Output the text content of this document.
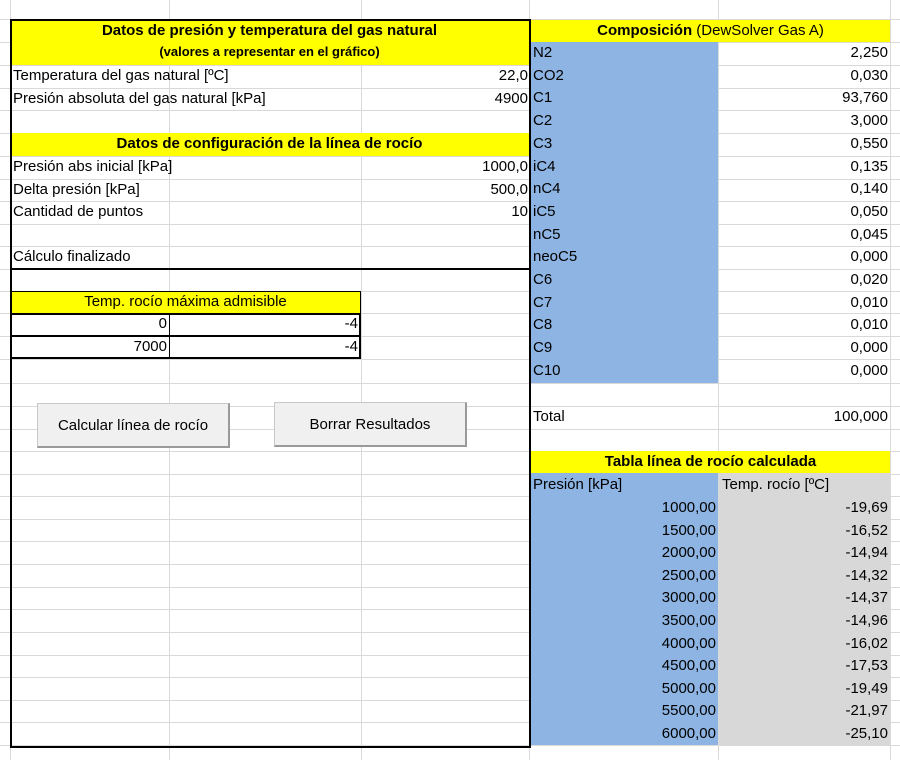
Datos de presión y temperatura del gas natural
(valores a representar en el gráfico)
Temperatura del gas natural [ºC]	22,0
Presión absoluta del gas natural [kPa]	4900
Datos de configuración de la línea de rocío
Presión abs inicial [kPa]	1000,0
Delta presión [kPa]	500,0
Cantidad de puntos	10
Cálculo finalizado
Temp. rocío máxima admisible
0	-4
7000	-4
Calcular línea de rocío	Borrar Resultados
Composición (DewSolver Gas A)
N2	2,250
CO2	0,030
C1	93,760
C2	3,000
C3	0,550
iC4	0,135
nC4	0,140
iC5	0,050
nC5	0,045
neoC5	0,000
C6	0,020
C7	0,010
C8	0,010
C9	0,000
C10	0,000
Total	100,000
Tabla línea de rocío calculada
Presión [kPa]	Temp. rocío [ºC]
1000,00	-19,69
1500,00	-16,52
2000,00	-14,94
2500,00	-14,32
3000,00	-14,37
3500,00	-14,96
4000,00	-16,02
4500,00	-17,53
5000,00	-19,49
5500,00	-21,97
6000,00	-25,10
